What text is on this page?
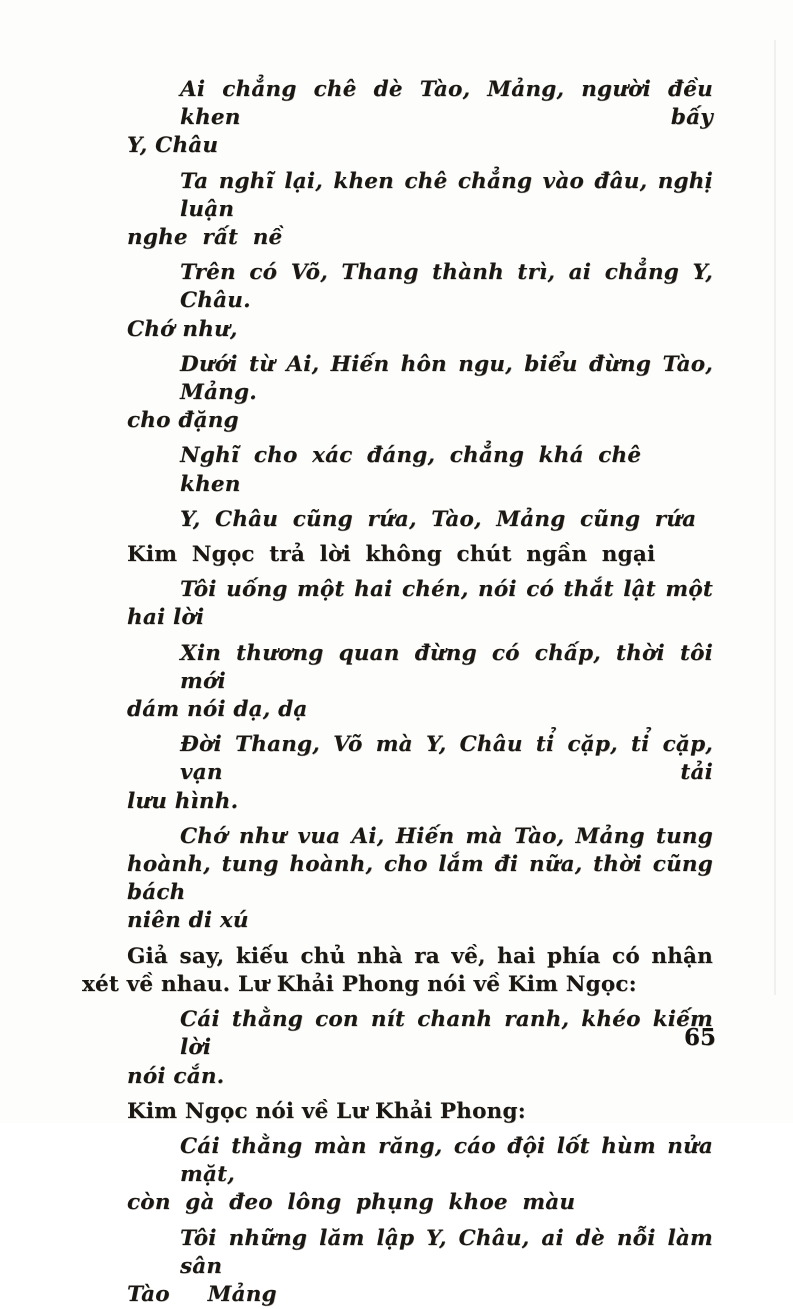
Ai chẳng chê dè Tào, Mảng, người đều khen bấy
Y, Châu
Ta nghĩ lại, khen chê chẳng vào đâu, nghị luận
nghe rất nề
Trên có Võ, Thang thành trì, ai chẳng Y, Châu.
Chớ như,
Dưới từ Ai, Hiến hôn ngu, biểu đừng Tào, Mảng.
cho đặng
Nghĩ cho xác đáng, chẳng khá chê khen
Y, Châu cũng rứa, Tào, Mảng cũng rứa
Kim Ngọc trả lời không chút ngần ngại
Tôi uống một hai chén, nói có thắt lật một
hai lời
Xin thương quan đừng có chấp, thời tôi mới
dám nói dạ, dạ
Đời Thang, Võ mà Y, Châu tỉ cặp, tỉ cặp, vạn tải
lưu hình.
Chớ như vua Ai, Hiến mà Tào, Mảng tung
hoành, tung hoành, cho lắm đi nữa, thời cũng bách
niên di xú
Giả say, kiếu chủ nhà ra về, hai phía có nhận
xét về nhau. Lư Khải Phong nói về Kim Ngọc:
Cái thằng con nít chanh ranh, khéo kiếm lời
nói cắn.
Kim Ngọc nói về Lư Khải Phong:
Cái thằng màn răng, cáo đội lốt hùm nửa mặt,
còn gà đeo lông phụng khoe màu
Tôi những lăm lập Y, Châu, ai dè nỗi làm sân
Tào Mảng
65
